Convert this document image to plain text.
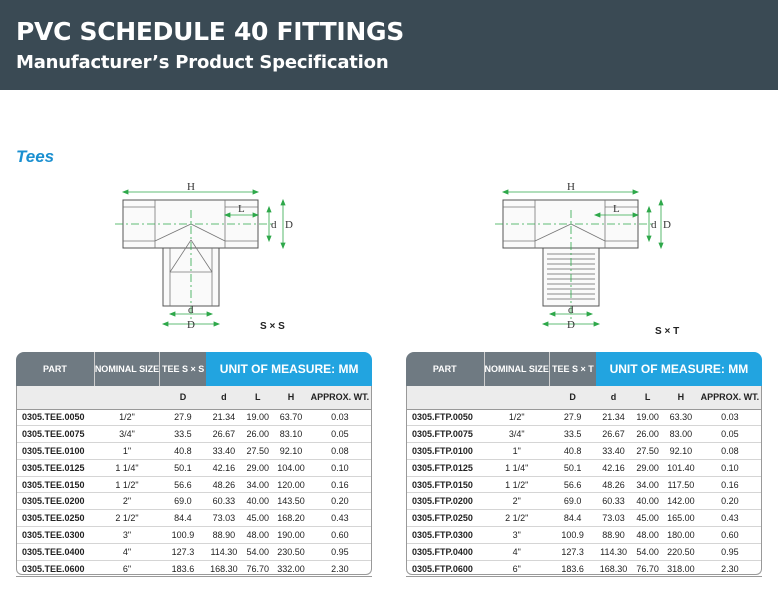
PVC SCHEDULE 40 FITTINGS
Manufacturer’s Product Specification
Tees
H
L
d D
d
D	S × S
H
L
d D
d
D
S × T
PART	NOMINAL SIZE	TEE S × S	UNIT OF MEASURE: MM			
		D	d	L	H	APPROX. WT.
0305.TEE.0050	1/2"	27.9	21.34	19.00	63.70	0.03
0305.TEE.0075	3/4"	33.5	26.67	26.00	83.10	0.05
0305.TEE.0100	1"	40.8	33.40	27.50	92.10	0.08
0305.TEE.0125	1 1/4"	50.1	42.16	29.00	104.00	0.10
0305.TEE.0150	1 1/2"	56.6	48.26	34.00	120.00	0.16
0305.TEE.0200	2"	69.0	60.33	40.00	143.50	0.20
0305.TEE.0250	2 1/2"	84.4	73.03	45.00	168.20	0.43
0305.TEE.0300	3"	100.9	88.90	48.00	190.00	0.60
0305.TEE.0400	4"	127.3	114.30	54.00	230.50	0.95
0305.TEE.0600	6"	183.6	168.30	76.70	332.00	2.30
PART	NOMINAL SIZE	TEE S × T	UNIT OF MEASURE: MM			
		D	d	L	H	APPROX. WT.
0305.FTP.0050	1/2"	27.9	21.34	19.00	63.30	0.03
0305.FTP.0075	3/4"	33.5	26.67	26.00	83.00	0.05
0305.FTP.0100	1"	40.8	33.40	27.50	92.10	0.08
0305.FTP.0125	1 1/4"	50.1	42.16	29.00	101.40	0.10
0305.FTP.0150	1 1/2"	56.6	48.26	34.00	117.50	0.16
0305.FTP.0200	2"	69.0	60.33	40.00	142.00	0.20
0305.FTP.0250	2 1/2"	84.4	73.03	45.00	165.00	0.43
0305.FTP.0300	3"	100.9	88.90	48.00	180.00	0.60
0305.FTP.0400	4"	127.3	114.30	54.00	220.50	0.95
0305.FTP.0600	6"	183.6	168.30	76.70	318.00	2.30
